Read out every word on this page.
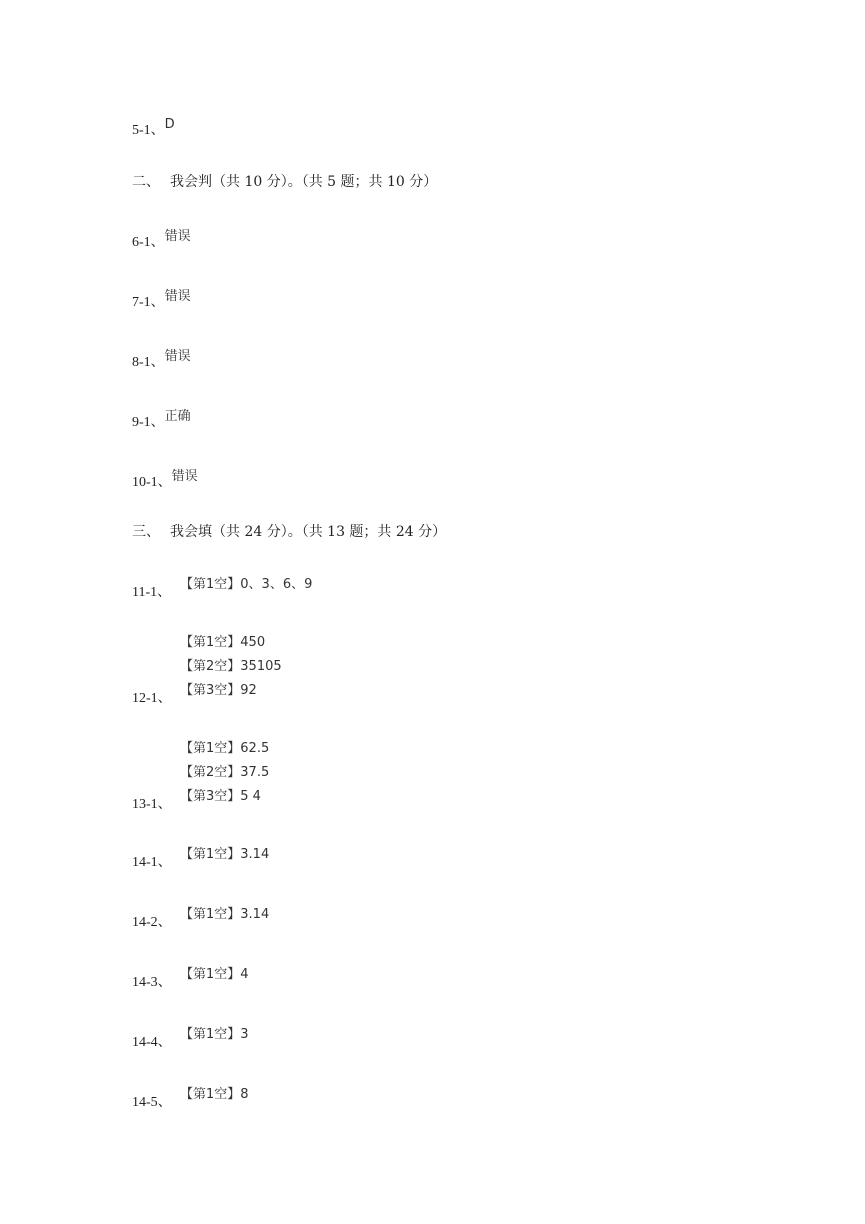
5-1、D
二、 我会判（共 10 分）。（共 5 题；共 10 分）
6-1、错误
7-1、错误
8-1、错误
9-1、正确
10-1、错误
三、 我会填（共 24 分）。（共 13 题；共 24 分）
11-1、
【第1空】0、3、6、9
【第1空】450
【第2空】35105
【第3空】92
12-1、
【第1空】62.5
【第2空】37.5
【第3空】5 4
13-1、
14-1、
【第1空】3.14
14-2、
【第1空】3.14
14-3、
【第1空】4
14-4、
【第1空】3
14-5、
【第1空】8
